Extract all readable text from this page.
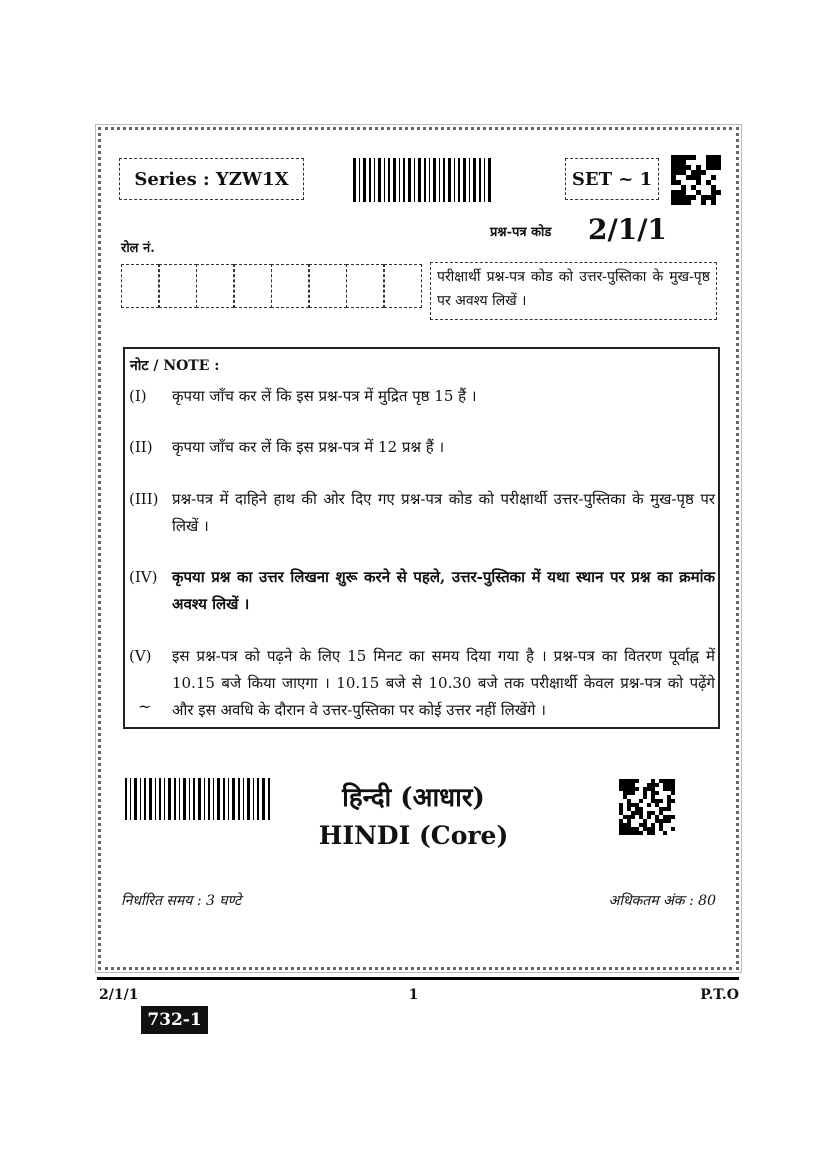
Series : YZW1X	SET ~ 1
प्रश्न-पत्र कोड 2/1/1
रोल नं.
परीक्षार्थी प्रश्न-पत्र कोड को उत्तर-पुस्तिका के मुख-पृष्ठ पर अवश्य लिखें ।
नोट / NOTE :
(I) कृपया जाँच कर लें कि इस प्रश्न-पत्र में मुद्रित पृष्ठ 15 हैं ।
(II) कृपया जाँच कर लें कि इस प्रश्न-पत्र में 12 प्रश्न हैं ।
(III) प्रश्न-पत्र में दाहिने हाथ की ओर दिए गए प्रश्न-पत्र कोड को परीक्षार्थी उत्तर-पुस्तिका के मुख-पृष्ठ पर लिखें ।
(IV) कृपया प्रश्न का उत्तर लिखना शुरू करने से पहले, उत्तर-पुस्तिका में यथा स्थान पर प्रश्न का क्रमांक अवश्य लिखें ।
(V) इस प्रश्न-पत्र को पढ़ने के लिए 15 मिनट का समय दिया गया है । प्रश्न-पत्र का वितरण पूर्वाह्न में 10.15 बजे किया जाएगा । 10.15 बजे से 10.30 बजे तक परीक्षार्थी केवल प्रश्न-पत्र को पढ़ेंगे और इस अवधि के दौरान वे उत्तर-पुस्तिका पर कोई उत्तर नहीं लिखेंगे ।
~
हिन्दी (आधार)
HINDI (Core)
निर्धारित समय : 3 घण्टे	अधिकतम अंक : 80
2/1/1	1	P.T.O
732-1
